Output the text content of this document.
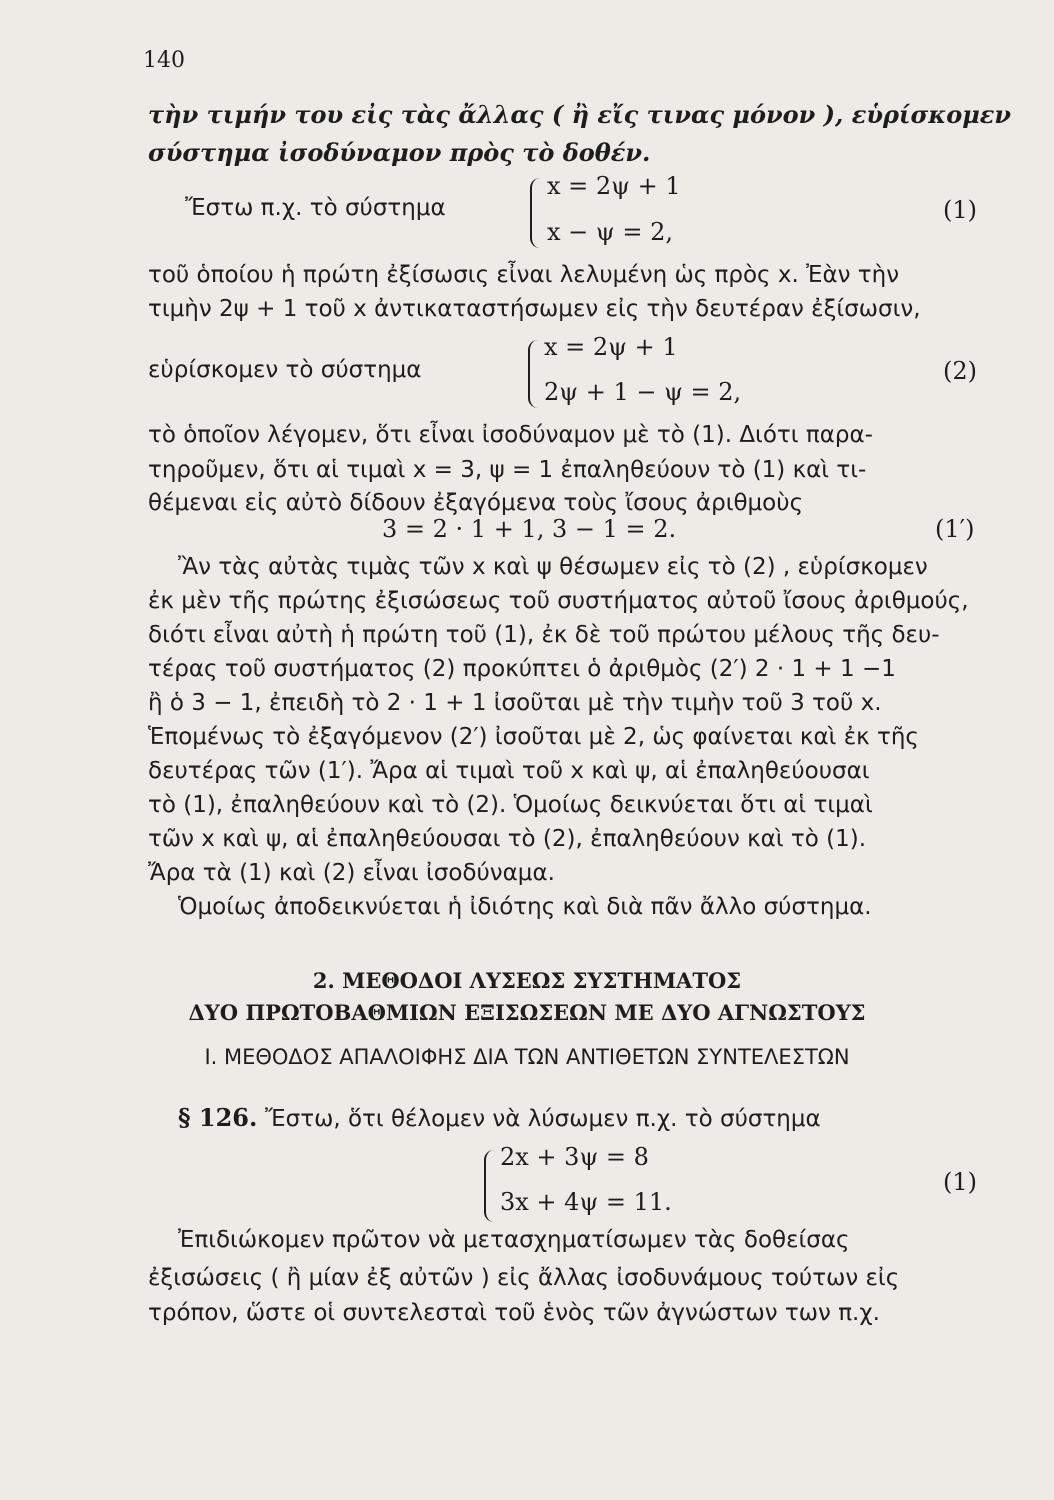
140
τὴν τιμήν του εἰς τὰς ἄλλας ( ἢ εἴς τινας μόνον ), εὑρίσκομεν
σύστημα ἰσοδύναμον πρὸς τὸ δοθέν.
Ἔστω π.χ. τὸ σύστημα
x = 2ψ + 1
x − ψ = 2,
(1)
τοῦ ὁποίου ἡ πρώτη ἐξίσωσις εἶναι λελυμένη ὡς πρὸς x. Ἐὰν τὴν
τιμὴν 2ψ + 1 τοῦ x ἀντικαταστήσωμεν εἰς τὴν δευτέραν ἐξίσωσιν,
εὑρίσκομεν τὸ σύστημα
x = 2ψ + 1
2ψ + 1 − ψ = 2,
(2)
τὸ ὁποῖον λέγομεν, ὅτι εἶναι ἰσοδύναμον μὲ τὸ (1). Διότι παρα-
τηροῦμεν, ὅτι αἱ τιμαὶ x = 3, ψ = 1 ἐπαληθεύουν τὸ (1) καὶ τι-
θέμεναι εἰς αὐτὸ δίδουν ἐξαγόμενα τοὺς ἴσους ἀριθμοὺς
3 = 2 · 1 + 1, 3 − 1 = 2.	(1′)
Ἂν τὰς αὐτὰς τιμὰς τῶν x καὶ ψ θέσωμεν εἰς τὸ (2) , εὑρίσκομεν
ἐκ μὲν τῆς πρώτης ἐξισώσεως τοῦ συστήματος αὐτοῦ ἴσους ἀριθμούς,
διότι εἶναι αὐτὴ ἡ πρώτη τοῦ (1), ἐκ δὲ τοῦ πρώτου μέλους τῆς δευ-
τέρας τοῦ συστήματος (2) προκύπτει ὁ ἀριθμὸς (2′) 2 · 1 + 1 −1
ἢ ὁ 3 − 1, ἐπειδὴ τὸ 2 · 1 + 1 ἰσοῦται μὲ τὴν τιμὴν τοῦ 3 τοῦ x.
Ἑπομένως τὸ ἐξαγόμενον (2′) ἰσοῦται μὲ 2, ὡς φαίνεται καὶ ἐκ τῆς
δευτέρας τῶν (1′). Ἄρα αἱ τιμαὶ τοῦ x καὶ ψ, αἱ ἐπαληθεύουσαι
τὸ (1), ἐπαληθεύουν καὶ τὸ (2). Ὁμοίως δεικνύεται ὅτι αἱ τιμαὶ
τῶν x καὶ ψ, αἱ ἐπαληθεύουσαι τὸ (2), ἐπαληθεύουν καὶ τὸ (1).
Ἄρα τὰ (1) καὶ (2) εἶναι ἰσοδύναμα.
Ὁμοίως ἀποδεικνύεται ἡ ἰδιότης καὶ διὰ πᾶν ἄλλο σύστημα.
2. ΜΕΘΟΔΟΙ ΛΥΣΕΩΣ ΣΥΣΤΗΜΑΤΟΣ
ΔΥΟ ΠΡΩΤΟΒΑΘΜΙΩΝ ΕΞΙΣΩΣΕΩΝ ΜΕ ΔΥΟ ΑΓΝΩΣΤΟΥΣ
Ι. ΜΕΘΟΔΟΣ ΑΠΑΛΟΙΦΗΣ ΔΙΑ ΤΩΝ ΑΝΤΙΘΕΤΩΝ ΣΥΝΤΕΛΕΣΤΩΝ
§ 126. Ἔστω, ὅτι θέλομεν νὰ λύσωμεν π.χ. τὸ σύστημα
2x + 3ψ = 8
3x + 4ψ = 11.
(1)
Ἐπιδιώκομεν πρῶτον νὰ μετασχηματίσωμεν τὰς δοθείσας
ἐξισώσεις ( ἢ μίαν ἐξ αὐτῶν ) εἰς ἄλλας ἰσοδυνάμους τούτων εἰς
τρόπον, ὥστε οἱ συντελεσταὶ τοῦ ἑνὸς τῶν ἀγνώστων των π.χ.
